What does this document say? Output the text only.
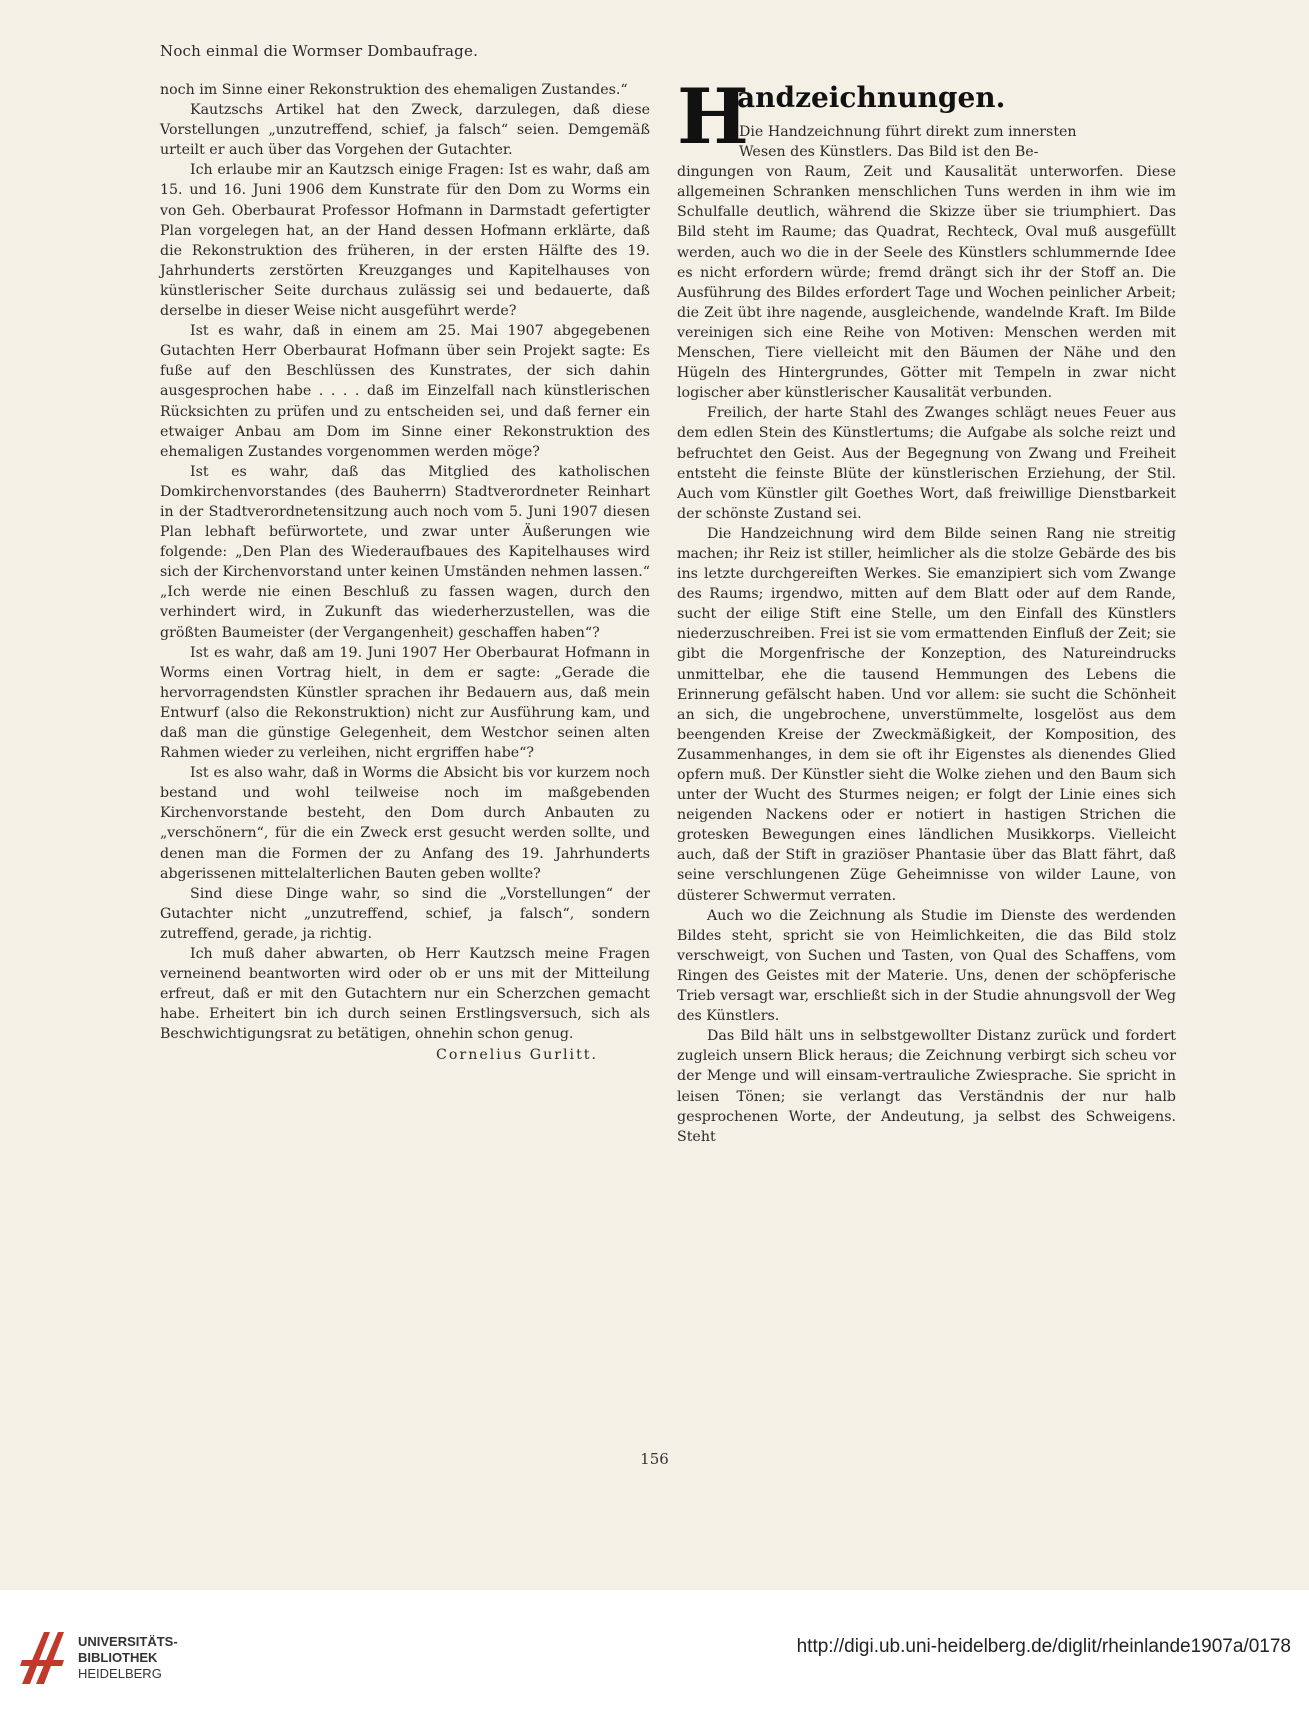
Noch einmal die Wormser Dombaufrage.

noch im Sinne einer Rekonstruktion des ehemaligen Zustandes.“

Kautzschs Artikel hat den Zweck, darzulegen, daß diese Vorstellungen „unzutreffend, schief, ja falsch“ seien. Demgemäß urteilt er auch über das Vorgehen der Gutachter.

Ich erlaube mir an Kautzsch einige Fragen: Ist es wahr, daß am 15. und 16. Juni 1906 dem Kunstrate für den Dom zu Worms ein von Geh. Oberbaurat Professor Hofmann in Darmstadt gefertigter Plan vorgelegen hat, an der Hand dessen Hofmann erklärte, daß die Rekonstruktion des früheren, in der ersten Hälfte des 19. Jahrhunderts zerstörten Kreuzganges und Kapitelhauses von künstlerischer Seite durchaus zulässig sei und bedauerte, daß derselbe in dieser Weise nicht ausgeführt werde?

Ist es wahr, daß in einem am 25. Mai 1907 abgegebenen Gutachten Herr Oberbaurat Hofmann über sein Projekt sagte: Es fuße auf den Beschlüssen des Kunstrates, der sich dahin ausgesprochen habe . . . . daß im Einzelfall nach künstlerischen Rücksichten zu prüfen und zu entscheiden sei, und daß ferner ein etwaiger Anbau am Dom im Sinne einer Rekonstruktion des ehemaligen Zustandes vorgenommen werden möge?

Ist es wahr, daß das Mitglied des katholischen Domkirchenvorstandes (des Bauherrn) Stadtverordneter Reinhart in der Stadtverordnetensitzung auch noch vom 5. Juni 1907 diesen Plan lebhaft befürwortete, und zwar unter Äußerungen wie folgende: „Den Plan des Wiederaufbaues des Kapitelhauses wird sich der Kirchenvorstand unter keinen Umständen nehmen lassen.“ „Ich werde nie einen Beschluß zu fassen wagen, durch den verhindert wird, in Zukunft das wiederherzustellen, was die größten Baumeister (der Vergangenheit) geschaffen haben“?

Ist es wahr, daß am 19. Juni 1907 Her Oberbaurat Hofmann in Worms einen Vortrag hielt, in dem er sagte: „Gerade die hervorragendsten Künstler sprachen ihr Bedauern aus, daß mein Entwurf (also die Rekonstruktion) nicht zur Ausführung kam, und daß man die günstige Gelegenheit, dem Westchor seinen alten Rahmen wieder zu verleihen, nicht ergriffen habe“?

Ist es also wahr, daß in Worms die Absicht bis vor kurzem noch bestand und wohl teilweise noch im maßgebenden Kirchenvorstande besteht, den Dom durch Anbauten zu „verschönern“, für die ein Zweck erst gesucht werden sollte, und denen man die Formen der zu Anfang des 19. Jahrhunderts abgerissenen mittelalterlichen Bauten geben wollte?

Sind diese Dinge wahr, so sind die „Vorstellungen“ der Gutachter nicht „unzutreffend, schief, ja falsch“, sondern zutreffend, gerade, ja richtig.

Ich muß daher abwarten, ob Herr Kautzsch meine Fragen verneinend beantworten wird oder ob er uns mit der Mitteilung erfreut, daß er mit den Gutachtern nur ein Scherzchen gemacht habe. Erheitert bin ich durch seinen Erstlingsversuch, sich als Beschwichtigungsrat zu betätigen, ohnehin schon genug.

Cornelius Gurlitt.

H
andzeichnungen.

Die Handzeichnung führt direkt zum innersten

Wesen des Künstlers. Das Bild ist den Be-

dingungen von Raum, Zeit und Kausalität unterworfen. Diese allgemeinen Schranken menschlichen Tuns werden in ihm wie im Schulfalle deutlich, während die Skizze über sie triumphiert. Das Bild steht im Raume; das Quadrat, Rechteck, Oval muß ausgefüllt werden, auch wo die in der Seele des Künstlers schlummernde Idee es nicht erfordern würde; fremd drängt sich ihr der Stoff an. Die Ausführung des Bildes erfordert Tage und Wochen peinlicher Arbeit; die Zeit übt ihre nagende, ausgleichende, wandelnde Kraft. Im Bilde vereinigen sich eine Reihe von Motiven: Menschen werden mit Menschen, Tiere vielleicht mit den Bäumen der Nähe und den Hügeln des Hintergrundes, Götter mit Tempeln in zwar nicht logischer aber künstlerischer Kausalität verbunden.

Freilich, der harte Stahl des Zwanges schlägt neues Feuer aus dem edlen Stein des Künstlertums; die Aufgabe als solche reizt und befruchtet den Geist. Aus der Begegnung von Zwang und Freiheit entsteht die feinste Blüte der künstlerischen Erziehung, der Stil. Auch vom Künstler gilt Goethes Wort, daß freiwillige Dienstbarkeit der schönste Zustand sei.

Die Handzeichnung wird dem Bilde seinen Rang nie streitig machen; ihr Reiz ist stiller, heimlicher als die stolze Gebärde des bis ins letzte durchgereiften Werkes. Sie emanzipiert sich vom Zwange des Raums; irgendwo, mitten auf dem Blatt oder auf dem Rande, sucht der eilige Stift eine Stelle, um den Einfall des Künstlers niederzuschreiben. Frei ist sie vom ermattenden Einfluß der Zeit; sie gibt die Morgenfrische der Konzeption, des Natureindrucks unmittelbar, ehe die tausend Hemmungen des Lebens die Erinnerung gefälscht haben. Und vor allem: sie sucht die Schönheit an sich, die ungebrochene, unverstümmelte, losgelöst aus dem beengenden Kreise der Zweckmäßigkeit, der Komposition, des Zusammenhanges, in dem sie oft ihr Eigenstes als dienendes Glied opfern muß. Der Künstler sieht die Wolke ziehen und den Baum sich unter der Wucht des Sturmes neigen; er folgt der Linie eines sich neigenden Nackens oder er notiert in hastigen Strichen die grotesken Bewegungen eines ländlichen Musikkorps. Vielleicht auch, daß der Stift in graziöser Phantasie über das Blatt fährt, daß seine verschlungenen Züge Geheimnisse von wilder Laune, von düsterer Schwermut verraten.

Auch wo die Zeichnung als Studie im Dienste des werdenden Bildes steht, spricht sie von Heimlichkeiten, die das Bild stolz verschweigt, von Suchen und Tasten, von Qual des Schaffens, vom Ringen des Geistes mit der Materie. Uns, denen der schöpferische Trieb versagt war, erschließt sich in der Studie ahnungsvoll der Weg des Künstlers.

Das Bild hält uns in selbstgewollter Distanz zurück und fordert zugleich unsern Blick heraus; die Zeichnung verbirgt sich scheu vor der Menge und will einsam-vertrauliche Zwiesprache. Sie spricht in leisen Tönen; sie verlangt das Verständnis der nur halb gesprochenen Worte, der Andeutung, ja selbst des Schweigens. Steht

156
UNIVERSITÄTS-
BIBLIOTHEK
HEIDELBERG
http://digi.ub.uni-heidelberg.de/diglit/rheinlande1907a/0178
